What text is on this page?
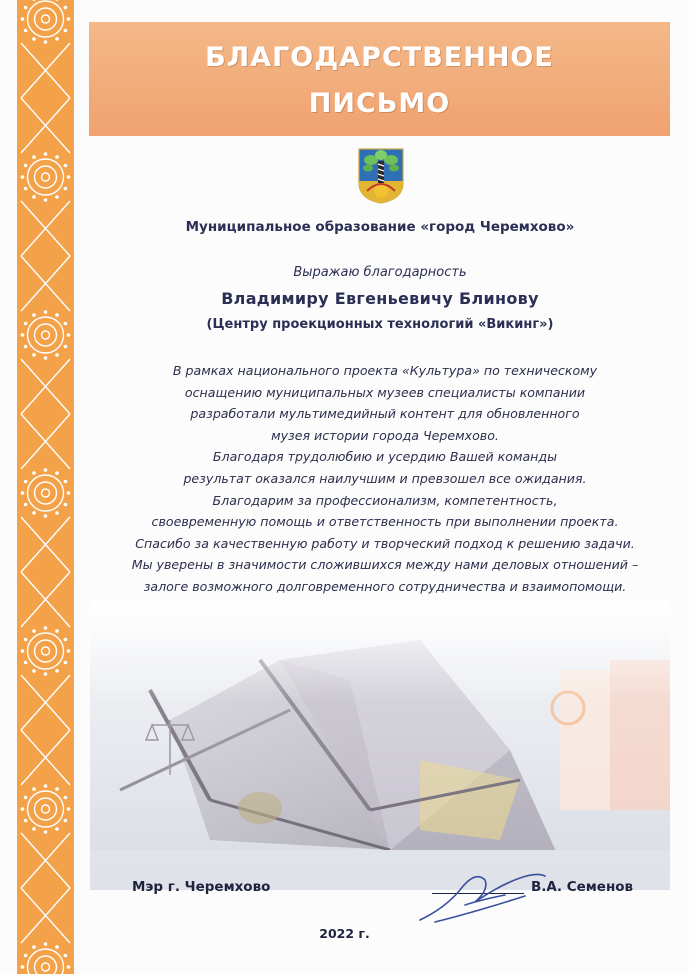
БЛАГОДАРСТВЕННОЕ
ПИСЬМО
Муниципальное образование «город Черемхово»
Выражаю благодарность
Владимиру Евгеньевичу Блинову
(Центру проекционных технологий «Викинг»)
В рамках национального проекта «Культура» по техническому
оснащению муниципальных музеев специалисты компании
разработали мультимедийный контент для обновленного
музея истории города Черемхово.
Благодаря трудолюбию и усердию Вашей команды
результат оказался наилучшим и превзошел все ожидания.
Благодарим за профессионализм, компетентность,
своевременную помощь и ответственность при выполнении проекта.
Спасибо за качественную работу и творческий подход к решению задачи.
Мы уверены в значимости сложившихся между нами деловых отношений –
залоге возможного долговременного сотрудничества и взаимопомощи.
Мэр г. Черемхово	В.А. Семенов
2022 г.
